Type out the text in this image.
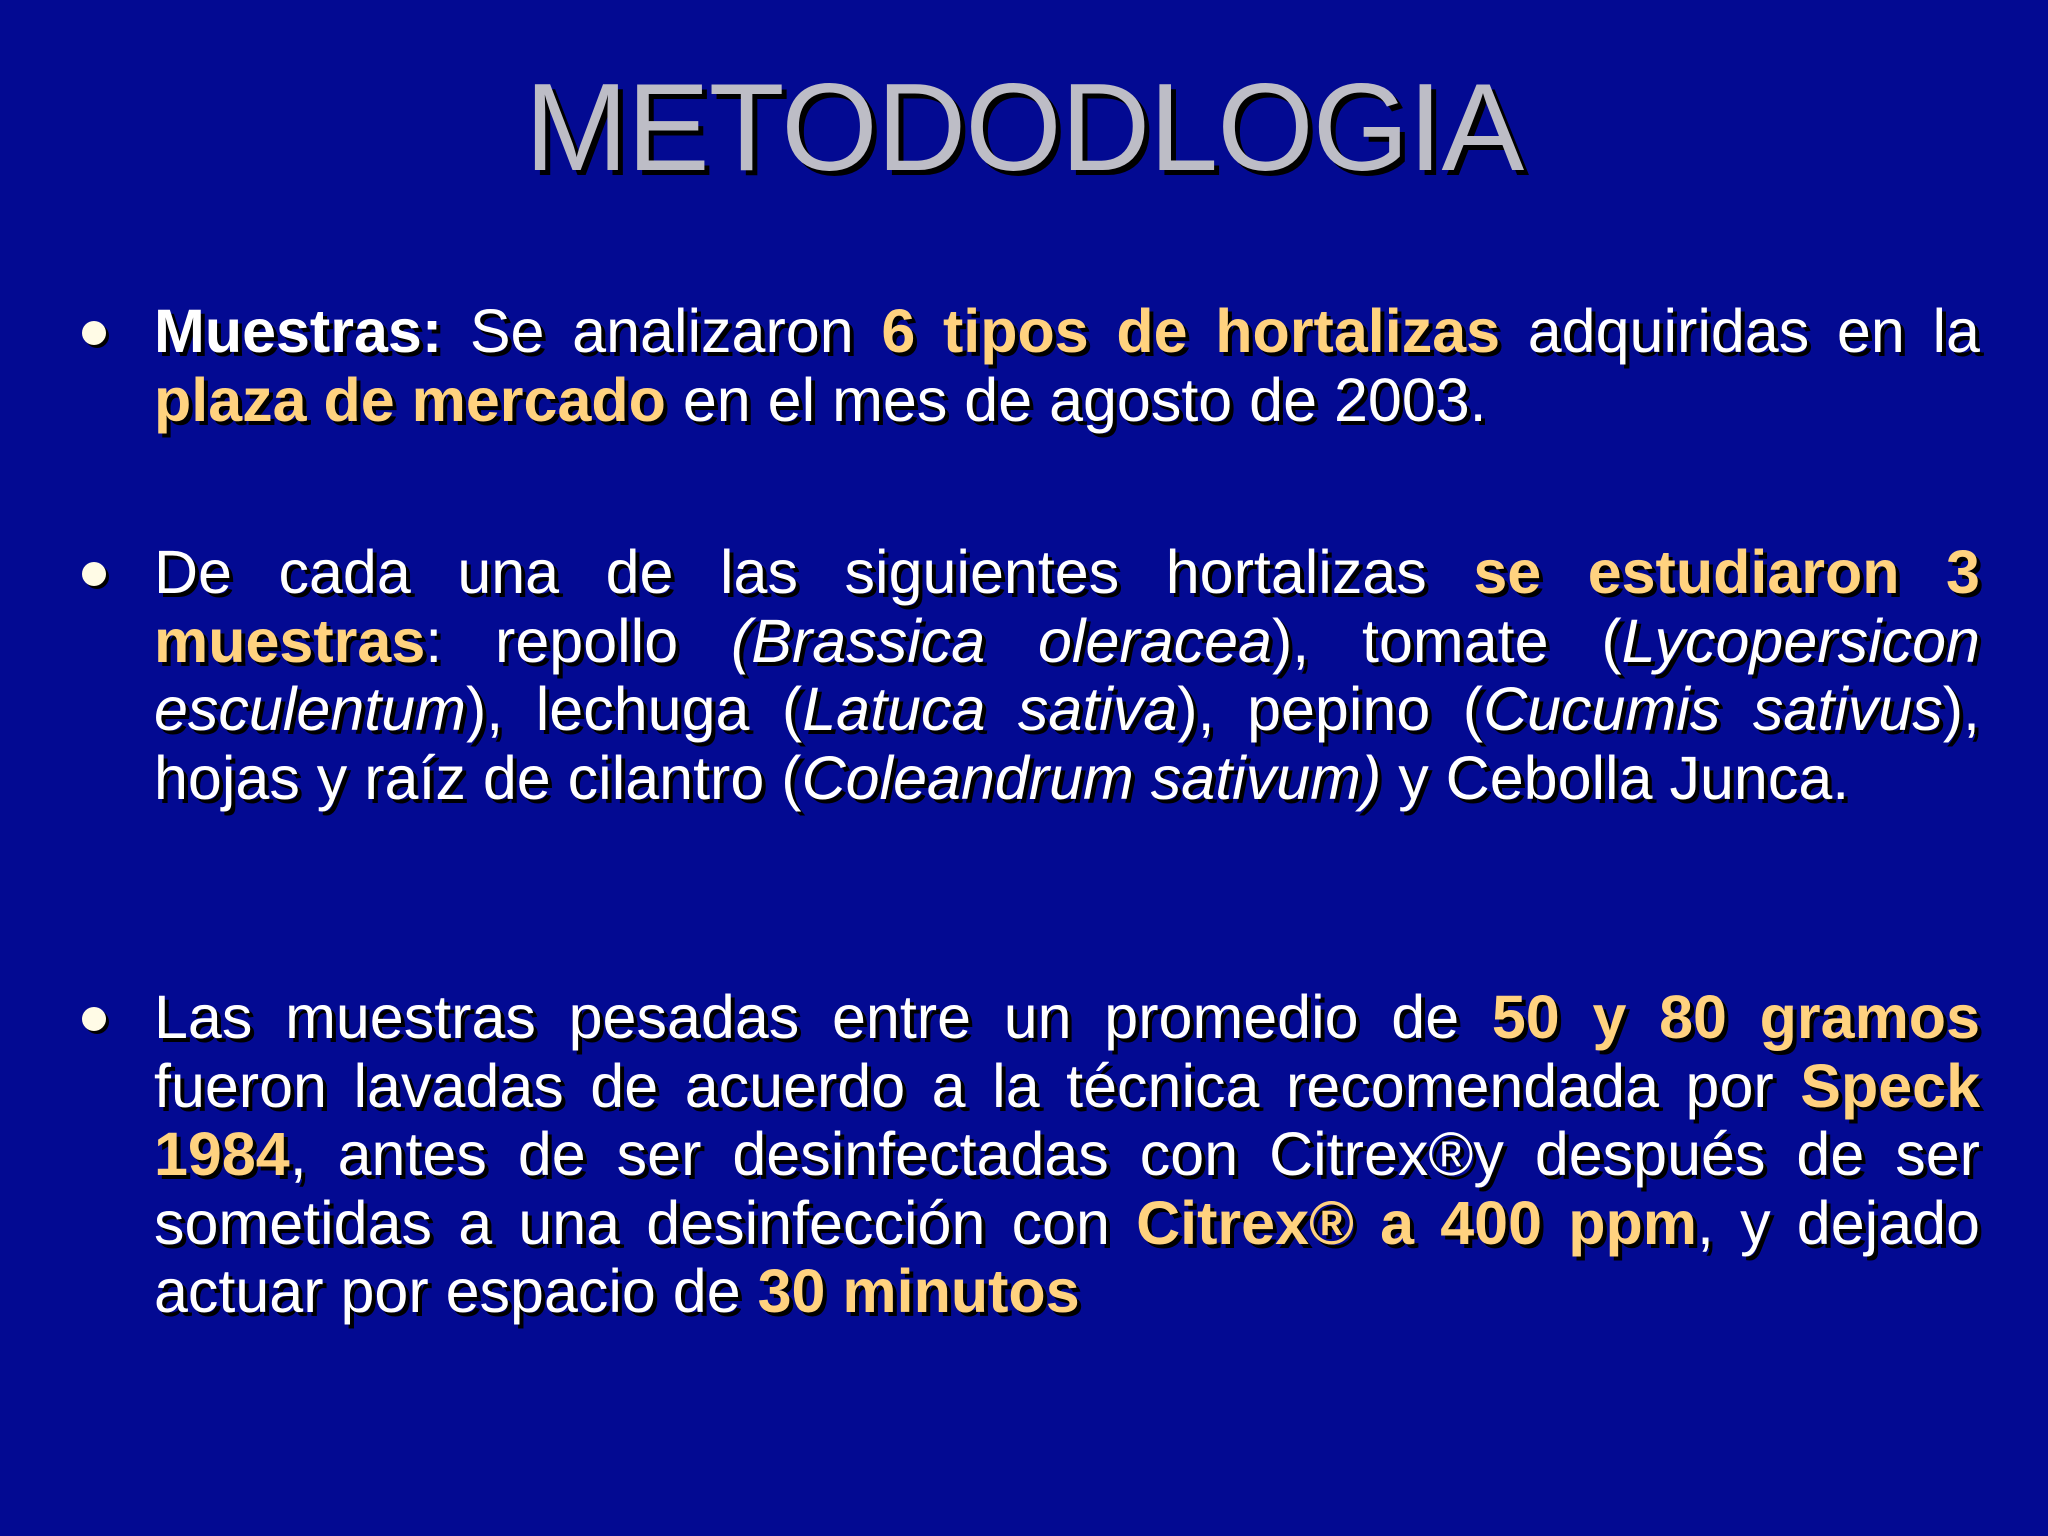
METODODLOGIA
Muestras: Se analizaron 6 tipos de hortalizas adquiridas en la plaza de mercado en el mes de agosto de 2003.
De cada una de las siguientes hortalizas se estudiaron 3 muestras: repollo (Brassica oleracea), tomate (Lycopersicon esculentum), lechuga (Latuca sativa), pepino (Cucumis sativus), hojas y raíz de cilantro (Coleandrum sativum) y Cebolla Junca.
Las muestras pesadas entre un promedio de 50 y 80 gramos fueron lavadas de acuerdo a la técnica recomendada por Speck 1984, antes de ser desinfectadas con Citrex®y después de ser sometidas a una desinfección con Citrex® a 400 ppm, y dejado actuar por espacio de 30 minutos
